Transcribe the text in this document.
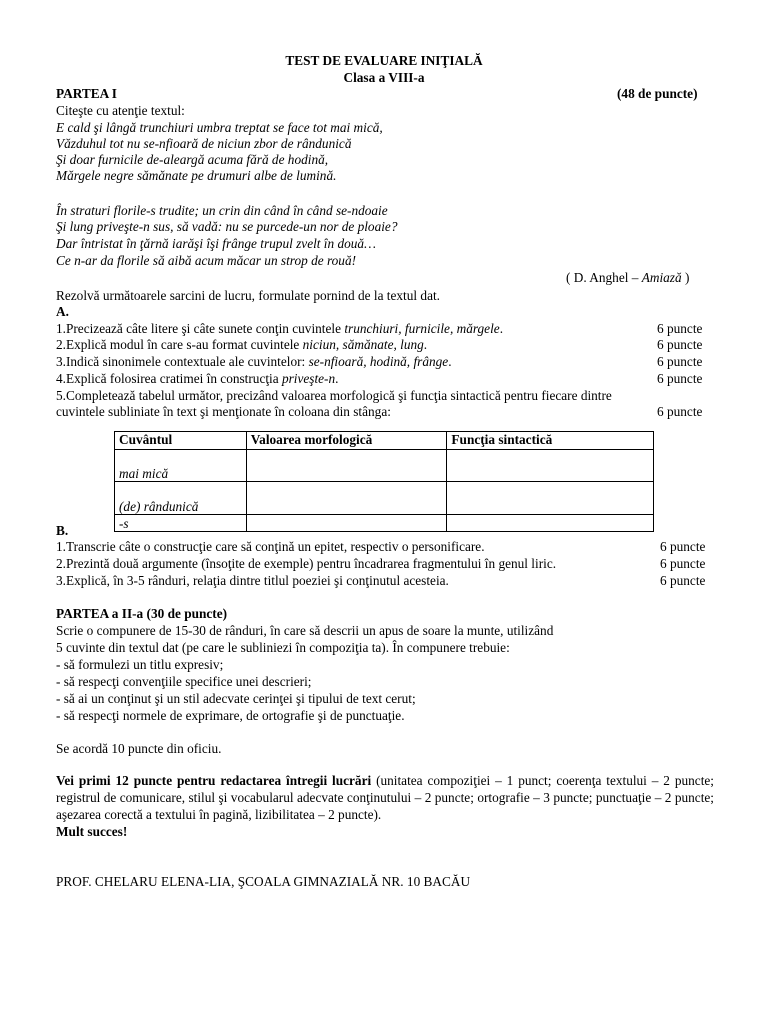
TEST DE EVALUARE INIŢIALĂ
Clasa a VIII-a
PARTEA I	(48 de puncte)
Citeşte cu atenţie textul:
E cald şi lângă trunchiuri umbra treptat se face tot mai mică,
Văzduhul tot nu se-nfioară de niciun zbor de rândunică
Şi doar furnicile de-aleargă acuma fără de hodină,
Mărgele negre sămănate pe drumuri albe de lumină.
În straturi florile-s trudite; un crin din când în când se-ndoaie
Şi lung priveşte-n sus, să vadă: nu se purcede-un nor de ploaie?
Dar întristat în ţărnă iarăşi îşi frânge trupul zvelt în două…
Ce n-ar da florile să aibă acum măcar un strop de rouă!
( D. Anghel – Amiază )
Rezolvă următoarele sarcini de lucru, formulate pornind de la textul dat.
A.
1.Precizează câte litere şi câte sunete conţin cuvintele trunchiuri, furnicile, mărgele.	6 puncte
2.Explică modul în care s-au format cuvintele niciun, sămănate, lung.	6 puncte
3.Indică sinonimele contextuale ale cuvintelor: se-nfioară, hodină, frânge.	6 puncte
4.Explică folosirea cratimei în construcţia priveşte-n.	6 puncte
5.Completează tabelul următor, precizând valoarea morfologică şi funcţia sintactică pentru fiecare dintre
cuvintele subliniate în text şi menţionate în coloana din stânga:	6 puncte
Cuvântul	Valoarea morfologică	Funcţia sintactică
mai mică		
(de) rândunică		
-s		
B.
1.Transcrie câte o construcţie care să conţină un epitet, respectiv o personificare.	6 puncte
2.Prezintă două argumente (însoţite de exemple) pentru încadrarea fragmentului în genul liric.	6 puncte
3.Explică, în 3-5 rânduri, relaţia dintre titlul poeziei şi conţinutul acesteia.	6 puncte
PARTEA a II-a (30 de puncte)
Scrie o compunere de 15-30 de rânduri, în care să descrii un apus de soare la munte, utilizând
5 cuvinte din textul dat (pe care le subliniezi în compoziţia ta). În compunere trebuie:
- să formulezi un titlu expresiv;
- să respecţi convenţiile specifice unei descrieri;
- să ai un conţinut şi un stil adecvate cerinţei şi tipului de text cerut;
- să respecţi normele de exprimare, de ortografie şi de punctuaţie.
Se acordă 10 puncte din oficiu.
Vei primi 12 puncte pentru redactarea întregii lucrări (unitatea compoziţiei – 1 punct; coerenţa textului – 2 puncte; registrul de comunicare, stilul şi vocabularul adecvate conţinutului – 2 puncte; ortografie – 3 puncte; punctuaţie – 2 puncte; aşezarea corectă a textului în pagină, lizibilitatea – 2 puncte).
Mult succes!
PROF. CHELARU ELENA-LIA, ŞCOALA GIMNAZIALĂ NR. 10 BACĂU
